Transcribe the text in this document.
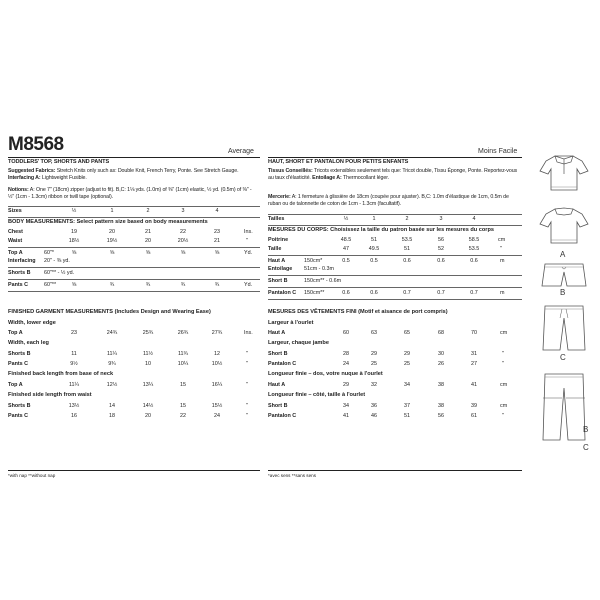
M8568	Average	Moins Facile
TODDLERS' TOP, SHORTS AND PANTS
Suggested Fabrics: Stretch Knits only such as: Double Knit, French Terry, Ponte. See Stretch Gauge. Interfacing A: Lightweight Fusible.
Notions: A: One 7" (18cm) zipper (adjust to fit). B,C: 1⅛ yds. (1.0m) of ⅜" (1cm) elastic, ½ yd. (0.5m) of ⅜" - ½" (1cm - 1.3cm) ribbon or twill tape (optional).
Sizes	½	1	2	3	4
BODY MEASUREMENTS: Select pattern size based on body measurements
Chest	19	20	21	22	23	Ins.
Waist	18½	19½	20	20½	21	"
Top A	60"*	⅝	⅝	⅝	⅝	⅝	Yd.
Interfacing 20" - ⅜ yd.
Shorts B	60"** - ½ yd.
Pants C	60"**	⅝	¾	¾	¾	¾	Yd.
FINISHED GARMENT MEASUREMENTS (Includes Design and Wearing Ease)
Width, lower edge
Top A	23	24¾	25¾	26¾	27¾	Ins.
Width, each leg
Shorts B	11	11¼	11½	11¾	12	"
Pants C	9½	9¾	10	10¼	10½	"
Finished back length from base of neck
Top A	11¼	12½	13¼	15	16¼	"
Finished side length from waist
Shorts B	13½	14	14½	15	15½	"
Pants C	16	18	20	22	24	"
*with nap **without nap
HAUT, SHORT ET PANTALON POUR PETITS ENFANTS
Tissus Conseillés: Tricots extensibles seulement tels que: Tricot double, Tissu Éponge, Ponte. Reportez-vous au taux d'élasticité. Entoilage A: Thermocollant léger.
Mercerie: A: 1 fermeture à glissière de 18cm (coupée pour ajuster). B,C: 1.0m d'élastique de 1cm, 0.5m de ruban ou de talonnette de coton de 1cm - 1.3cm (facultatif).
Tailles	½	1	2	3	4
MESURES DU CORPS: Choisissez la taille du patron basée sur les mesures du corps
Poitrine	48.5	51	53.5	56	58.5	cm
Taille	47	49.5	51	52	53.5	"
Haut A	150cm*	0.5	0.5	0.6	0.6	0.6	m
Entoilage 51cm - 0.3m
Short B	150cm** - 0.6m
Pantalon C 150cm**	0.6	0.6	0.7	0.7	0.7	m
MESURES DES VÊTEMENTS FINI (Motif et aisance de port compris)
Largeur à l'ourlet
Haut A	60	63	65	68	70	cm
Largeur, chaque jambe
Short B	28	29	29	30	31	"
Pantalon C	24	25	25	26	27	"
Longueur finie – dos, votre nuque à l'ourlet
Haut A	29	32	34	38	41	cm
Longueur finie – côté, taille à l'ourlet
Short B	34	36	37	38	39	cm
Pantalon C	41	46	51	56	61	"
*avec sens **sans sens
A
B
C
B
C
